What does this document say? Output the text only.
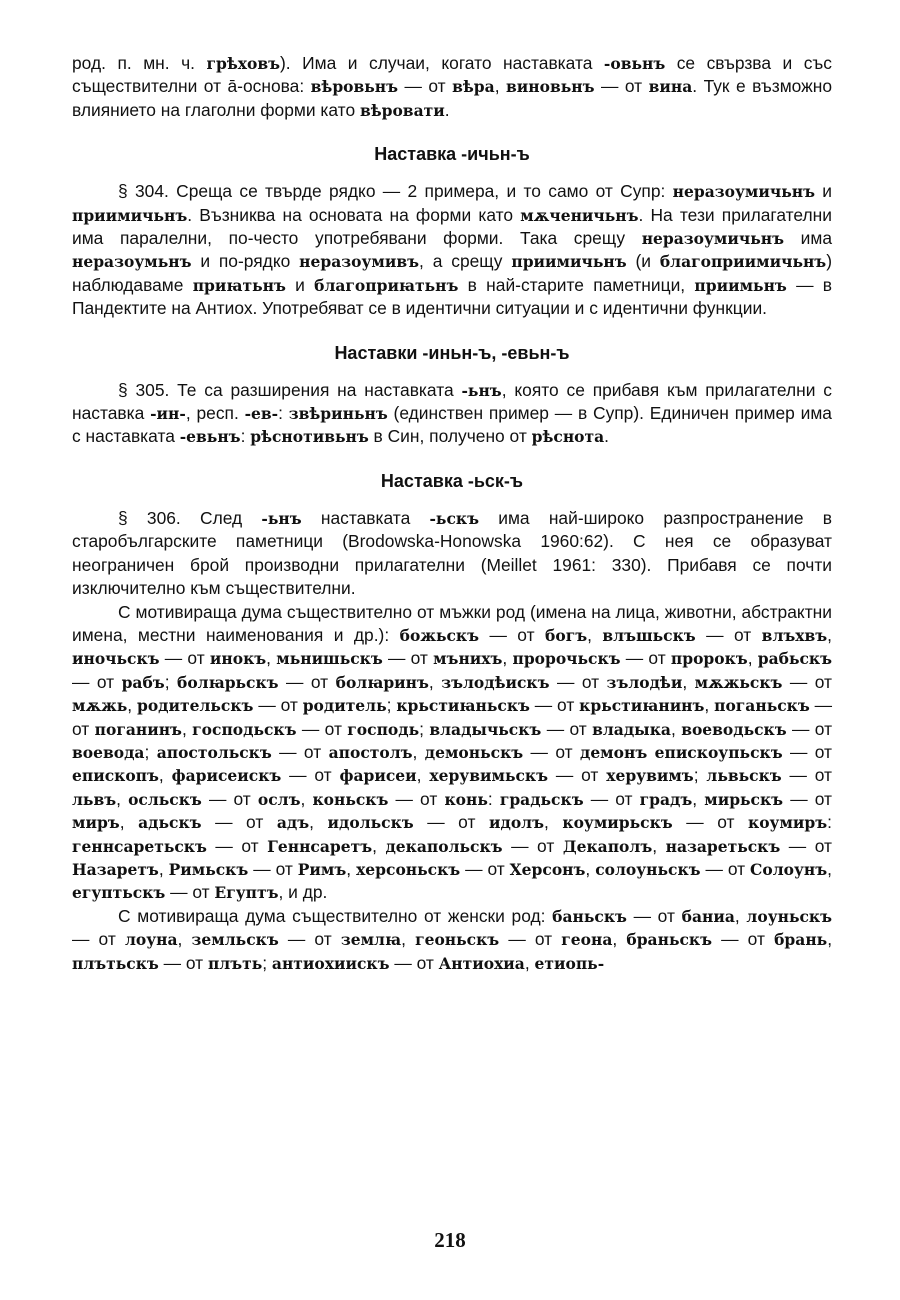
род. п. мн. ч. грѣховъ). Има и случаи, когато наставката -овьнъ се свързва и със съществителни от ā-основа: вѣровьнъ — от вѣра, виновьнъ — от вина. Тук е възможно влиянието на глаголни форми като вѣровати.

Наставка -ичьн-ъ

§ 304. Среща се твърде рядко — 2 примера, и то само от Супр: неразоумичьнъ и приимичьнъ. Възниква на основата на форми като мѫченичьнъ. На тези прилагателни има паралелни, по-често употребявани форми. Така срещу неразоумичьнъ има неразоумьнъ и по-рядко неразоумивъ, а срещу приимичьнъ (и благоприимичьнъ) наблюдаваме приꙗтьнъ и благоприꙗтьнъ в най-старите паметници, приимьнъ — в Пандектите на Антиох. Употребяват се в идентични ситуации и с идентични функции.

Наставки -иньн-ъ, -евьн-ъ

§ 305. Те са разширения на наставката -ьнъ, която се прибавя към прилагателни с наставка -ин-, респ. -ев-: звѣриньнъ (единствен пример — в Супр). Единичен пример има с наставката -евьнъ: рѣснотивьнъ в Син, получено от рѣснота.

Наставка -ьск-ъ

§ 306. След -ьнъ наставката -ьскъ има най-широко разпространение в старобългарските паметници (Brodowska-Honowska 1960:62). С нея се образуват неограничен брой производни прилагателни (Meillet 1961: 330). Прибавя се почти изключително към съществителни.

С мотивираща дума съществително от мъжки род (имена на лица, животни, абстрактни имена, местни наименования и др.): божьскъ — от богъ, влъшьскъ — от влъхвъ, иночьскъ — от инокъ, мьнишьскъ — от мънихъ, пророчьскъ — от пророкъ, рабьскъ — от рабъ; болꙗрьскъ — от болꙗринъ, зълодѣискъ — от зълодѣи, мѫжьскъ — от мѫжь, родительскъ — от родитель; крьстиꙗньскъ — от крьстиꙗнинъ, поганьскъ — от поганинъ, господьскъ — от господь; владычьскъ — от владыка, воеводьскъ — от воевода; апостольскъ — от апостолъ, демоньскъ — от демонъ епискоупьскъ — от епископъ, фарисеискъ — от фарисеи, херувимьскъ — от херувимъ; львьскъ — от львъ, осльскъ — от ослъ, коньскъ — от конь: градьскъ — от градъ, мирьскъ — от миръ, адьскъ — от адъ, идольскъ — от идолъ, коумирьскъ — от коумиръ: геннсаретьскъ — от Геннсаретъ, декапольскъ — от Декаполъ, назаретьскъ — от Назаретъ, Римьскъ — от Римъ, херсоньскъ — от Херсонъ, солоуньскъ — от Солоунъ, егуптьскъ — от Егуптъ, и др.

С мотивираща дума съществително от женски род: баньскъ — от баниа, лоуньскъ — от лоуна, земльскъ — от землꙗ, геоньскъ — от геона, браньскъ — от брань, плътьскъ — от плъть; антиохиискъ — от Антиохиа, етиопь-

218
